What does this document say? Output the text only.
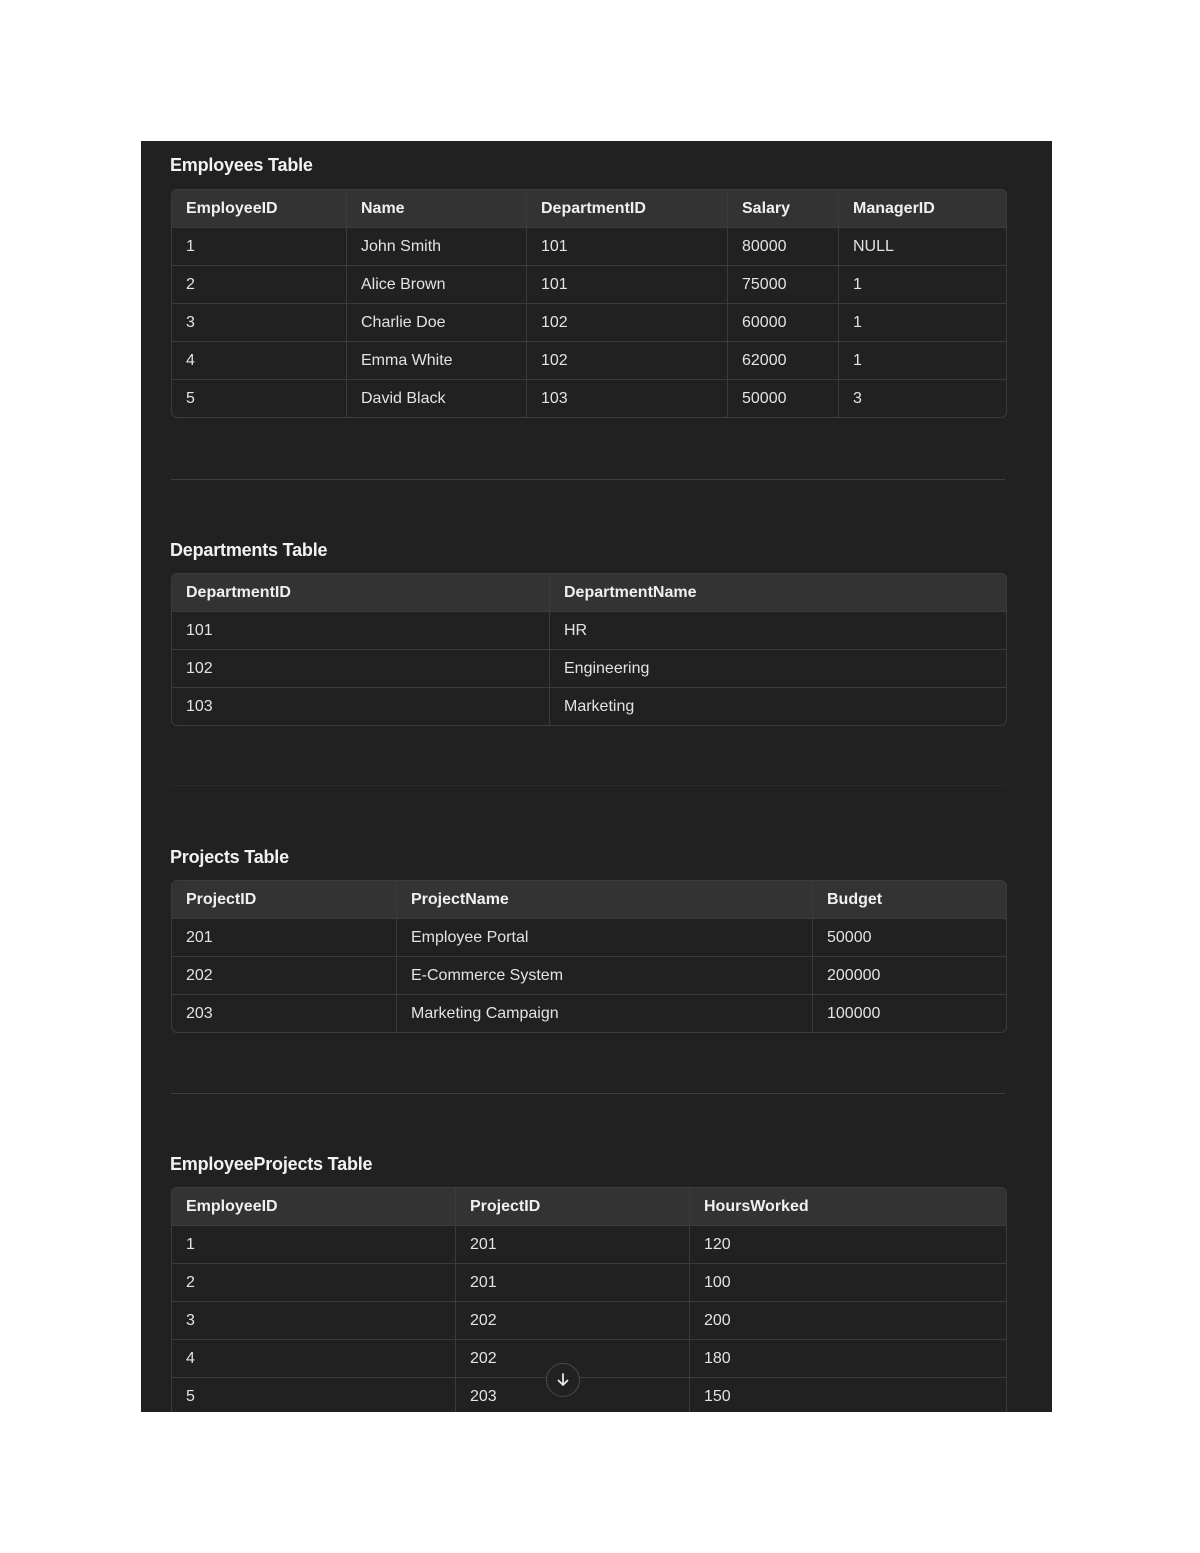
Employees Table
EmployeeID	Name	DepartmentID	Salary	ManagerID
1	John Smith	101	80000	NULL
2	Alice Brown	101	75000	1
3	Charlie Doe	102	60000	1
4	Emma White	102	62000	1
5	David Black	103	50000	3
Departments Table
DepartmentID	DepartmentName
101	HR
102	Engineering
103	Marketing
Projects Table
ProjectID	ProjectName	Budget
201	Employee Portal	50000
202	E-Commerce System	200000
203	Marketing Campaign	100000
EmployeeProjects Table
EmployeeID	ProjectID	HoursWorked
1	201	120
2	201	100
3	202	200
4	202	180
5	203	150
